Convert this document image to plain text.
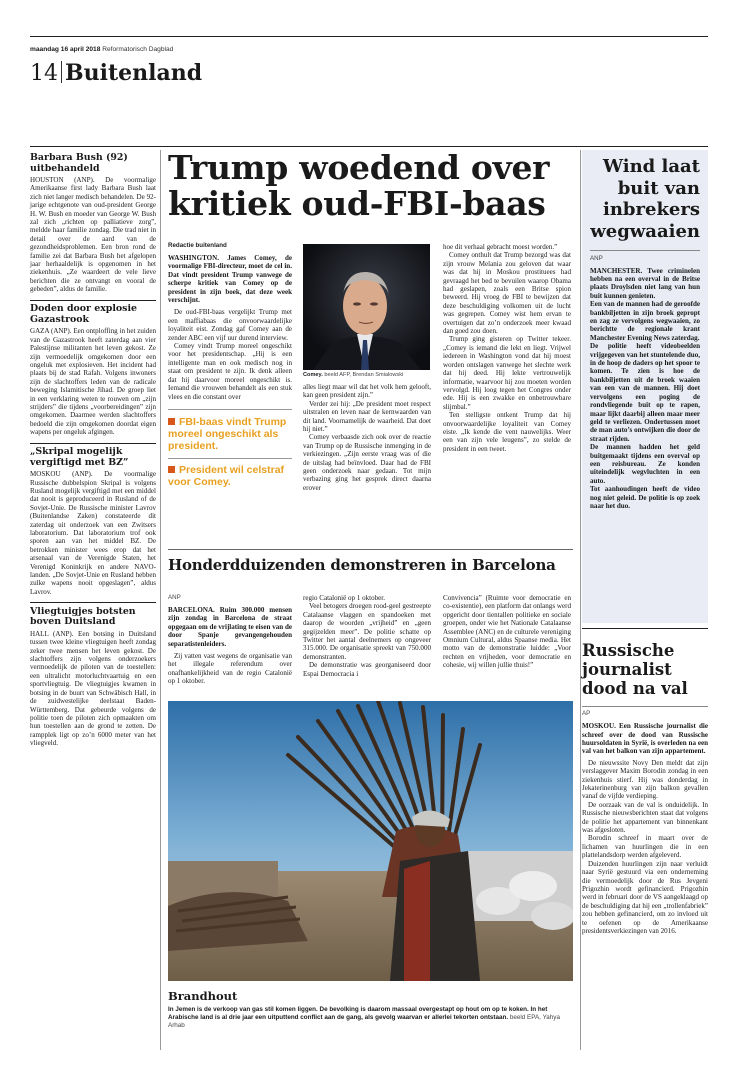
maandag 16 april 2018 Reformatorisch Dagblad
14 Buitenland
Barbara Bush (92) uitbehandeld

HOUSTON (ANP). De voormalige Amerikaanse first lady Barbara Bush laat zich niet langer medisch behandelen. De 92-jarige echtgenote van oud-president George H. W. Bush en moeder van George W. Bush zal zich „richten op palliatieve zorg”, meldde haar familie zondag. Die trad niet in detail over de aard van de gezondheidsproblemen. Een bron rond de familie zei dat Barbara Bush het afgelopen jaar herhaaldelijk is opgenomen in het ziekenhuis. „Ze waardeert de vele lieve berichten die ze ontvangt en vooral de gebeden”, aldus de familie.

Doden door explosie Gazastrook

GAZA (ANP). Een ontploffing in het zuiden van de Gazastrook heeft zaterdag aan vier Palestijnse militanten het leven gekost. Ze zijn vermoedelijk omgekomen door een ongeluk met explosieven. Het incident had plaats bij de stad Rafah. Volgens inwoners zijn de slachtoffers leden van de radicale beweging Islamitische Jihad. De groep liet in een verklaring weten te rouwen om „zijn strijders” die tijdens „voorbereidingen” zijn omgekomen. Daarmee werden slachtoffers bedoeld die zijn omgekomen doordat eigen wapens per ongeluk afgingen.

„Skripal mogelijk vergiftigd met BZ”

MOSKOU (ANP). De voormalige Russische dubbelspion Skripal is volgens Rusland mogelijk vergiftigd met een middel dat nooit is geproduceerd in Rusland of de Sovjet-Unie. De Russische minister Lavrov (Buitenlandse Zaken) constateerde dit zaterdag uit onderzoek van een Zwitsers laboratorium. Dat laboratorium trof ook sporen aan van het middel BZ. De betrokken minister wees erop dat het arsenaal van de Verenigde Staten, het Verenigd Koninkrijk en andere NAVO-landen. „De Sovjet-Unie en Rusland hebben zulke wapens nooit opgeslagen”, aldus Lavrov.

Vliegtuigjes botsten boven Duitsland

HALL (ANP). Een botsing in Duitsland tussen twee kleine vliegtuigen heeft zondag zeker twee mensen het leven gekost. De slachtoffers zijn volgens onderzoekers vermoedelijk de piloten van de toestellen: een ultralicht motorluchtvaartuig en een sportvliegtuig. De vliegtuigjes kwamen in botsing in de buurt van Schwäbisch Hall, in de zuidwestelijke deelstaat Baden-Württemberg. Dat gebeurde volgens de politie toen de piloten zich opmaakten om hun toestellen aan de grond te zetten. De rampplek ligt op zo’n 6000 meter van het vliegveld.

Trump woedend over
kritiek oud-FBI-baas
Redactie buitenland

WASHINGTON. James Comey, de voormalige FBI-directeur, moet de cel in. Dat vindt president Trump vanwege de scherpe kritiek van Comey op de president in zijn boek, dat deze week verschijnt.

De oud-FBI-baas vergelijkt Trump met een maffiabaas die onvoorwaardelijke loyaliteit eist. Zondag gaf Comey aan de zender ABC een vijf uur durend interview.

Comey vindt Trump moreel ongeschikt voor het presidentschap. „Hij is een intelligente man en ook medisch nog in staat om president te zijn. Ik denk alleen dat hij daarvoor moreel ongeschikt is. Iemand die vrouwen behandelt als een stuk vlees en die constant over

FBI-baas vindt Trump moreel ongeschikt als president.
President wil celstraf voor Comey.
Comey. beeld AFP, Brendan Smialowski

alles liegt maar wil dat het volk hem gelooft, kan geen president zijn.”

Verder zei hij: „De president moet respect uitstralen en leven naar de kernwaarden van dit land. Voornamelijk de waarheid. Dat doet hij niet.”

Comey verbaasde zich ook over de reactie van Trump op de Russische inmenging in de verkiezingen. „Zijn eerste vraag was of die de uitslag had beïnvloed. Daar had de FBI geen onderzoek naar gedaan. Tot mijn verbazing ging het gesprek direct daarna erover

hoe dit verhaal gebracht moest worden.”

Comey onthult dat Trump bezorgd was dat zijn vrouw Melania zou geloven dat waar was dat hij in Moskou prostituees had gevraagd het bed te bevuilen waarop Obama had geslapen, zoals een Britse spion beweerd. Hij vroeg de FBI te bewijzen dat deze beschuldiging volkomen uit de lucht was gegrepen. Comey wist hem ervan te overtuigen dat zo’n onderzoek meer kwaad dan goed zou doen.

Trump ging gisteren op Twitter tekeer. „Comey is iemand die lekt en liegt. Vrijwel iedereen in Washington vond dat hij moest worden ontslagen vanwege het slechte werk dat hij deed. Hij lekte vertrouwelijk informatie, waarvoor hij zou moeten worden vervolgd. Hij loog tegen het Congres onder ede. Hij is een zwakke en onbetrouwbare slijmbal.”

Ten stelligste ontkent Trump dat hij onvoorwaardelijke loyaliteit van Comey eiste. „Ik kende die vent nauwelijks. Weer een van zijn vele leugens”, zo stelde de president in een tweet.

Honderdduizenden demonstreren in Barcelona
ANP

BARCELONA. Ruim 300.000 mensen zijn zondag in Barcelona de straat opgegaan om de vrijlating te eisen van de door Spanje gevangengehouden separatistenleiders.

Zij vatten vast wegens de organisatie van het illegale referendum over onafhankelijkheid van de regio Catalonië op 1 oktober.

regio Catalonië op 1 oktober.

Veel betogers droegen rood-geel gestreepte Catalaanse vlaggen en spandoeken met daarop de woorden „vrijheid” en „geen gegijzelden meer”. De politie schatte op Twitter het aantal deelnemers op ongeveer 315.000. De organisatie spreekt van 750.000 demonstranten.

De demonstratie was georganiseerd door Espai Democracia i

Convivencia” (Ruimte voor democratie en co-existentie), een platform dat onlangs werd opgericht door tientallen politieke en sociale groepen, onder wie het Nationale Catalaanse Assemblee (ANC) en de culturele vereniging Omnium Cultural, aldus Spaanse media. Het motto van de demonstratie luidde: „Voor rechten en vrijheden, voor democratie en cohesie, wij willen jullie thuis!”

Brandhout
In Jemen is de verkoop van gas stil komen liggen. De bevolking is daarom massaal overgestapt op hout om op te koken. In het Arabische land is al drie jaar een uitputtend conflict aan de gang, als gevolg waarvan er allerlei tekorten ontstaan. beeld EPA, Yahya Arhab
Wind laat buit van inbrekers wegwaaien
ANP

MANCHESTER. Twee criminelen hebben na een overval in de Britse plaats Droylsden niet lang van hun buit kunnen genieten.

Een van de mannen had de geroofde bankbiljetten in zijn broek gepropt en zag ze vervolgens wegwaaien, zo berichtte de regionale krant Manchester Evening News zaterdag.

De politie heeft videobeelden vrijgegeven van het stuntelende duo, in de hoop de daders op het spoor te komen. Te zien is hoe de bankbiljetten uit de broek waaien van een van de mannen. Hij doet vervolgens een poging de rondvliegende buit op te rapen, maar lijkt daarbij alleen maar meer geld te verliezen. Ondertussen moet de man auto’s ontwijken die door de straat rijden.

De mannen hadden het geld buitgemaakt tijdens een overval op een reisbureau. Ze konden uiteindelijk wegvluchten in een auto.

Tot aanhoudingen heeft de video nog niet geleid. De politie is op zoek naar het duo.

Russische journalist dood na val
AP

MOSKOU. Een Russische journalist die schreef over de dood van Russische huursoldaten in Syrië, is overleden na een val van het balkon van zijn appartement.

De nieuwssite Novy Den meldt dat zijn verslaggever Maxim Borodin zondag in een ziekenhuis stierf. Hij was donderdag in Jekaterinenburg van zijn balkon gevallen vanaf de vijfde verdieping.

De oorzaak van de val is onduidelijk. In Russische nieuwsberichten staat dat volgens de politie het appartement van binnenkant was afgesloten.

Borodin schreef in maart over de lichamen van huurlingen die in een plattelandsdorp werden afgeleverd.

Duizenden huurlingen zijn naar verluidt naar Syrië gestuurd via een onderneming die vermoedelijk door de Rus Jevgeni Prigozhin wordt gefinancierd. Prigozhin werd in februari door de VS aangeklaagd op de beschuldiging dat hij een „trollenfabriek” zou hebben gefinancierd, om zo invloed uit te oefenen op de Amerikaanse presidentsverkiezingen van 2016.
